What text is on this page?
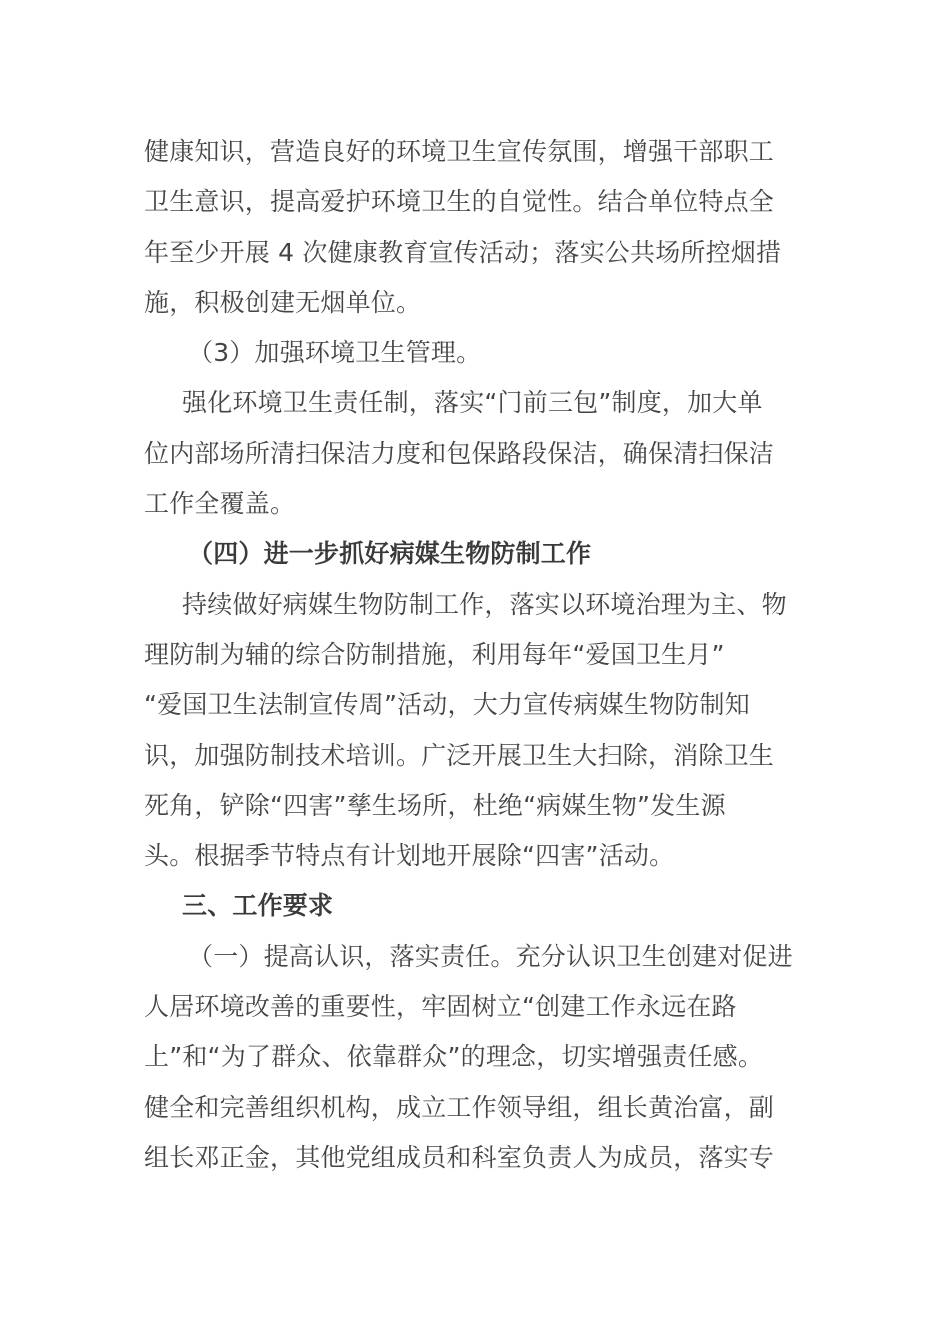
健康知识，营造良好的环境卫生宣传氛围，增强干部职工
卫生意识，提高爱护环境卫生的自觉性。结合单位特点全
年至少开展 4 次健康教育宣传活动；落实公共场所控烟措
施，积极创建无烟单位。
（3）加强环境卫生管理。
强化环境卫生责任制，落实“门前三包”制度，加大单
位内部场所清扫保洁力度和包保路段保洁，确保清扫保洁
工作全覆盖。
（四）进一步抓好病媒生物防制工作
持续做好病媒生物防制工作，落实以环境治理为主、物
理防制为辅的综合防制措施，利用每年“爱国卫生月”
“爱国卫生法制宣传周”活动，大力宣传病媒生物防制知
识，加强防制技术培训。广泛开展卫生大扫除，消除卫生
死角，铲除“四害”孳生场所，杜绝“病媒生物”发生源
头。根据季节特点有计划地开展除“四害”活动。
三、工作要求
（一）提高认识，落实责任。充分认识卫生创建对促进
人居环境改善的重要性，牢固树立“创建工作永远在路
上”和“为了群众、依靠群众”的理念，切实增强责任感。
健全和完善组织机构，成立工作领导组，组长黄治富，副
组长邓正金，其他党组成员和科室负责人为成员，落实专
